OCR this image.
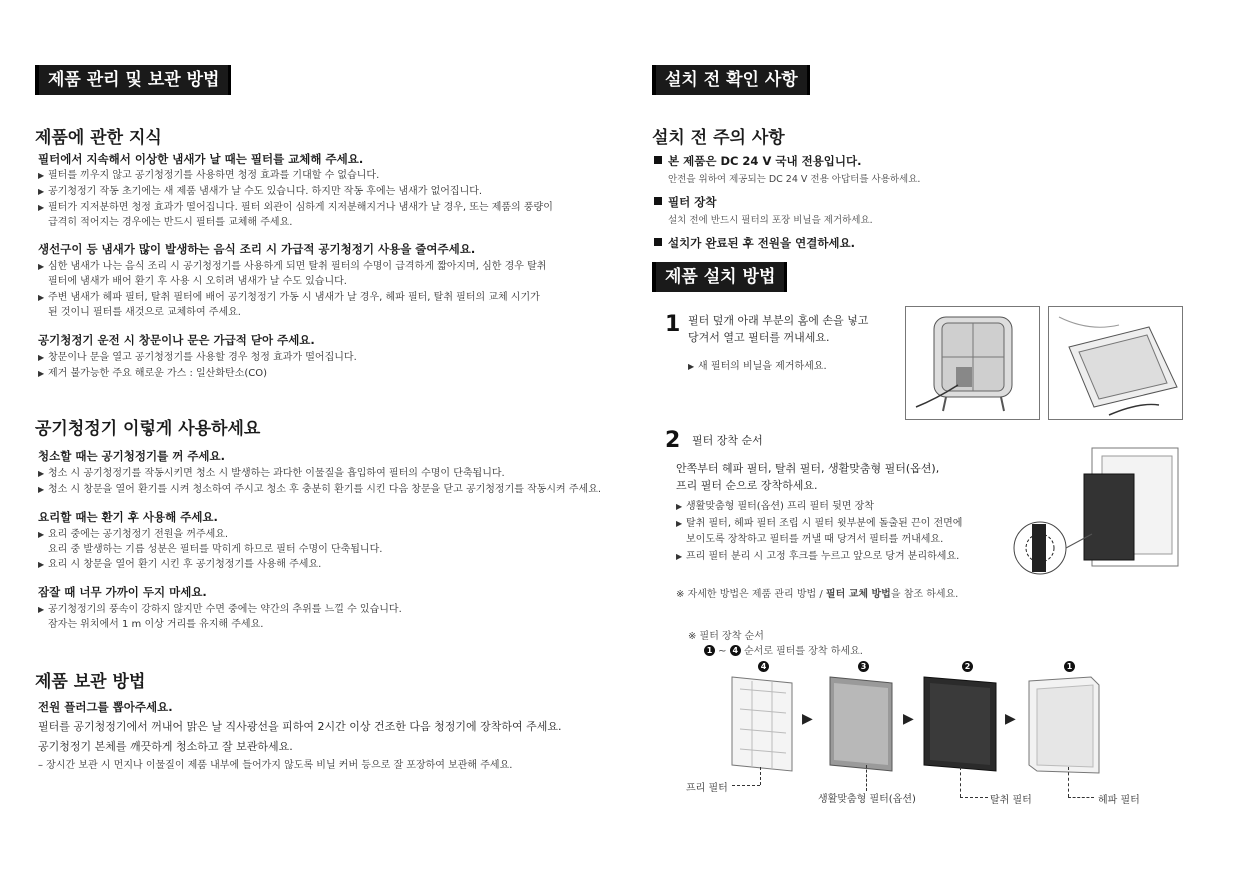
제품 관리 및 보관 방법
제품에 관한 지식
필터에서 지속해서 이상한 냄새가 날 때는 필터를 교체해 주세요.
▶ 필터를 끼우지 않고 공기청정기를 사용하면 청정 효과를 기대할 수 없습니다.
▶ 공기청정기 작동 초기에는 새 제품 냄새가 날 수도 있습니다. 하지만 작동 후에는 냄새가 없어집니다.
▶ 필터가 지저분하면 청정 효과가 떨어집니다. 필터 외관이 심하게 지저분해지거나 냄새가 날 경우, 또는 제품의 풍량이
급격히 적어지는 경우에는 반드시 필터를 교체해 주세요.
생선구이 등 냄새가 많이 발생하는 음식 조리 시 가급적 공기청정기 사용을 줄여주세요.
▶ 심한 냄새가 나는 음식 조리 시 공기청정기를 사용하게 되면 탈취 필터의 수명이 급격하게 짧아지며, 심한 경우 탈취
필터에 냄새가 배어 환기 후 사용 시 오히려 냄새가 날 수도 있습니다.
▶ 주변 냄새가 헤파 필터, 탈취 필터에 배어 공기청정기 가동 시 냄새가 날 경우, 헤파 필터, 탈취 필터의 교체 시기가
된 것이니 필터를 새것으로 교체하여 주세요.
공기청정기 운전 시 창문이나 문은 가급적 닫아 주세요.
▶ 창문이나 문을 열고 공기청정기를 사용할 경우 청정 효과가 떨어집니다.
▶ 제거 불가능한 주요 해로운 가스 : 일산화탄소(CO)
공기청정기 이렇게 사용하세요
청소할 때는 공기청정기를 꺼 주세요.
▶ 청소 시 공기청정기를 작동시키면 청소 시 발생하는 과다한 이물질을 흡입하여 필터의 수명이 단축됩니다.
▶ 청소 시 창문을 열어 환기를 시켜 청소하여 주시고 청소 후 충분히 환기를 시킨 다음 창문을 닫고 공기청정기를 작동시켜 주세요.
요리할 때는 환기 후 사용해 주세요.
▶ 요리 중에는 공기청정기 전원을 꺼주세요.
요리 중 발생하는 기름 성분은 필터를 막히게 하므로 필터 수명이 단축됩니다.
▶ 요리 시 창문을 열어 환기 시킨 후 공기청정기를 사용해 주세요.
잠잘 때 너무 가까이 두지 마세요.
▶ 공기청정기의 풍속이 강하지 않지만 수면 중에는 약간의 추위를 느낄 수 있습니다.
잠자는 위치에서 1 m 이상 거리를 유지해 주세요.
제품 보관 방법
전원 플러그를 뽑아주세요.
필터를 공기청정기에서 꺼내어 맑은 날 직사광선을 피하여 2시간 이상 건조한 다음 청정기에 장착하여 주세요.
공기청정기 본체를 깨끗하게 청소하고 잘 보관하세요.
– 장시간 보관 시 먼지나 이물질이 제품 내부에 들어가지 않도록 비닐 커버 등으로 잘 포장하여 보관해 주세요.
설치 전 확인 사항
설치 전 주의 사항
본 제품은 DC 24 V 국내 전용입니다.
안전을 위하여 제공되는 DC 24 V 전용 아답터를 사용하세요.
필터 장착
설치 전에 반드시 필터의 포장 비닐을 제거하세요.
설치가 완료된 후 전원을 연결하세요.
제품 설치 방법
1 필터 덮개 아래 부분의 홈에 손을 넣고
당겨서 열고 필터를 꺼내세요.
▶ 새 필터의 비닐을 제거하세요.
2 필터 장착 순서
안쪽부터 헤파 필터, 탈취 필터, 생활맞춤형 필터(옵션),
프리 필터 순으로 장착하세요.
▶ 생활맞춤형 필터(옵션) 프리 필터 뒷면 장착
▶ 탈취 필터, 헤파 필터 조립 시 필터 윗부분에 돌출된 끈이 전면에
보이도록 장착하고 필터를 꺼낼 때 당겨서 필터를 꺼내세요.
▶ 프리 필터 분리 시 고정 후크를 누르고 앞으로 당겨 분리하세요.
※ 자세한 방법은 제품 관리 방법 / 필터 교체 방법을 참조 하세요.
※ 필터 장착 순서
1 ~ 4 순서로 필터를 장착 하세요.
4	3	2	1
▶	▶	▶
프리 필터
생활맞춤형 필터(옵션)	탈취 필터	헤파 필터
